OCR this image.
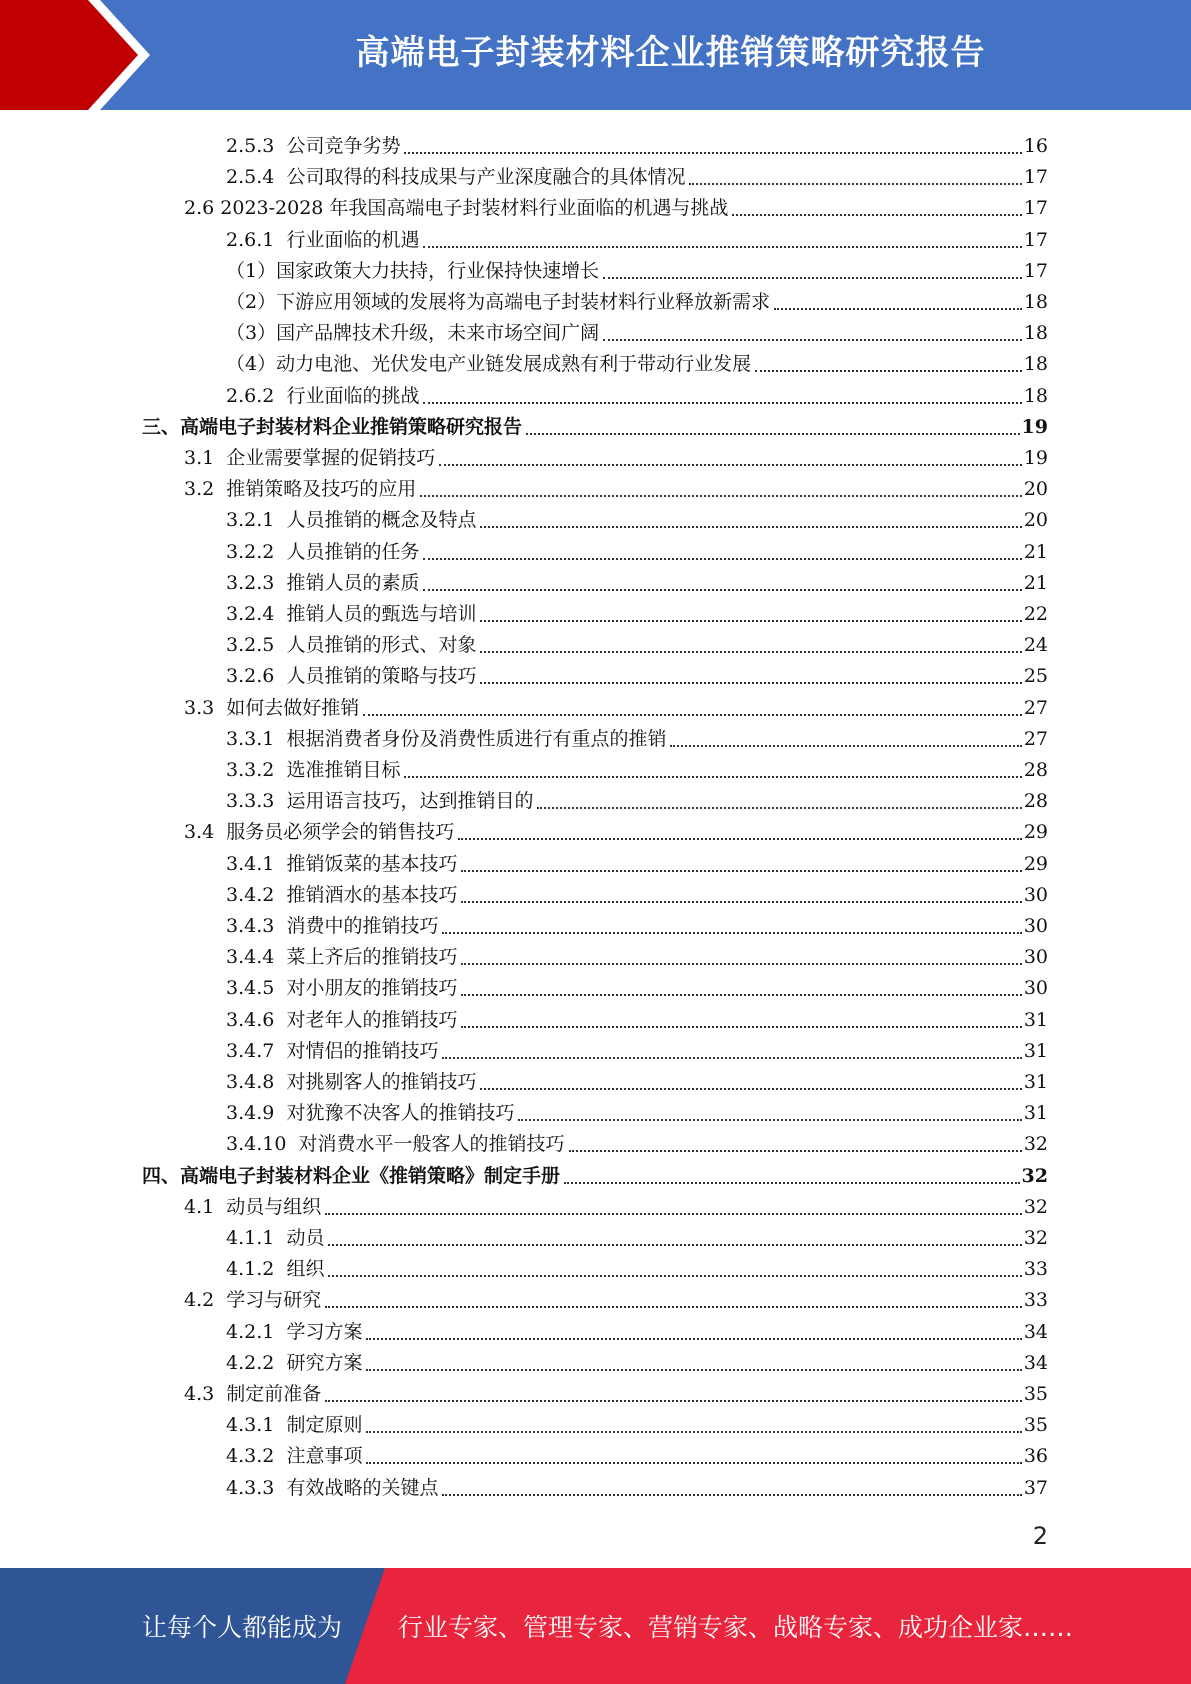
高端电子封装材料企业推销策略研究报告
2.5.3 公司竞争劣势	16
2.5.4 公司取得的科技成果与产业深度融合的具体情况	17
2.6 2023-2028 年我国高端电子封装材料行业面临的机遇与挑战	17
2.6.1 行业面临的机遇	17
（1） 国家政策大力扶持，行业保持快速增长	17
（2） 下游应用领域的发展将为高端电子封装材料行业释放新需求	18
（3） 国产品牌技术升级，未来市场空间广阔	18
（4） 动力电池、光伏发电产业链发展成熟有利于带动行业发展	18
2.6.2 行业面临的挑战	18
三、 高端电子封装材料企业推销策略研究报告	19
3.1 企业需要掌握的促销技巧	19
3.2 推销策略及技巧的应用	20
3.2.1 人员推销的概念及特点	20
3.2.2 人员推销的任务	21
3.2.3 推销人员的素质	21
3.2.4 推销人员的甄选与培训	22
3.2.5 人员推销的形式、对象	24
3.2.6 人员推销的策略与技巧	25
3.3 如何去做好推销	27
3.3.1 根据消费者身份及消费性质进行有重点的推销	27
3.3.2 选准推销目标	28
3.3.3 运用语言技巧，达到推销目的	28
3.4 服务员必须学会的销售技巧	29
3.4.1 推销饭菜的基本技巧	29
3.4.2 推销酒水的基本技巧	30
3.4.3 消费中的推销技巧	30
3.4.4 菜上齐后的推销技巧	30
3.4.5 对小朋友的推销技巧	30
3.4.6 对老年人的推销技巧	31
3.4.7 对情侣的推销技巧	31
3.4.8 对挑剔客人的推销技巧	31
3.4.9 对犹豫不决客人的推销技巧	31
3.4.10 对消费水平一般客人的推销技巧	32
四、 高端电子封装材料企业《推销策略》制定手册	32
4.1 动员与组织	32
4.1.1 动员	32
4.1.2 组织	33
4.2 学习与研究	33
4.2.1 学习方案	34
4.2.2 研究方案	34
4.3 制定前准备	35
4.3.1 制定原则	35
4.3.2 注意事项	36
4.3.3 有效战略的关键点	37
2
让每个人都能成为 行业专家、管理专家、营销专家、战略专家、成功企业家……
